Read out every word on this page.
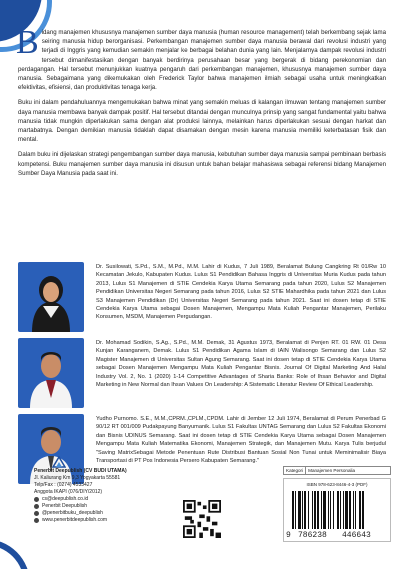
Bidang manajemen khususnya manajemen sumber daya manusia (human resource management) telah berkembang sejak lama seiring manusia hidup berorganisasi. Perkembangan manajemen sumber daya manusia berawal dari revolusi industri yang terjadi di Inggris yang kemudian semakin menjalar ke berbagai belahan dunia yang lain. Menjalarnya dampak revolusi industri tersebut dimanifestasikan dengan banyak berdirinya perusahaan besar yang bergerak di bidang perekonomian dan perdagangan. Hal tersebut menunjukkan kuatnya pengaruh dari perkembangan manajemen, khususnya manajemen sumber daya manusia. Sebagaimana yang dikemukakan oleh Frederick Taylor bahwa manajemen ilmiah sebagai usaha untuk meningkatkan efektivitas, efisiensi, dan produktivitas tenaga kerja.

Buku ini dalam pendahuluannya mengemukakan bahwa minat yang semakin meluas di kalangan ilmuwan tentang manajemen sumber daya manusia membawa banyak dampak positif. Hal tersebut ditandai dengan munculnya prinsip yang sangat fundamental yaitu bahwa manusia tidak mungkin diperlakukan sama dengan alat produksi lainnya, melainkan harus diperlakukan sesuai dengan harkat dan martabatnya. Dengan demikian manusia tidaklah dapat disamakan dengan mesin karena manusia memiliki keterbatasan fisik dan mental.

Dalam buku ini dijelaskan strategi pengembangan sumber daya manusia, kebutuhan sumber daya manusia sampai pembinaan berbasis kompetensi. Buku manajemen sumber daya manusia ini disusun untuk bahan belajar mahasiswa sebagai referensi bidang Manajemen Sumber Daya Manusia pada saat ini.

Dr. Susilowati, S.Pd., S.M., M.Pd., M.M. Lahir di Kudus, 7 Juli 1989, Beralamat Bulung Cangkring Rt 01/Rw 10 Kecamatan Jekulo, Kabupaten Kudus. Lulus S1 Pendidikan Bahasa Inggris di Universitas Muria Kudus pada tahun 2013, Lulus S1 Manajemen di STIE Cendekia Karya Utama Semarang pada tahun 2020, Lulus S2 Manajemen Pendidikan Universitas Negeri Semarang pada tahun 2016, Lulus S2 STIE Mahardhika pada tahun 2021 dan Lulus S3 Manajemen Pendidikan (Dr) Universitas Negeri Semarang pada tahun 2021. Saat ini dosen tetap di STIE Cendekia Karya Utama sebagai Dosen Manajemen, Mengampu Mata Kuliah Pengantar Manajemen, Perilaku Konsumen, MSDM, Manajemen Pergudangan.
Dr. Mohamad Sodikin, S.Ag., S.Pd., M.M. Demak, 31 Agustus 1973, Beralamat di Penjen RT. 01 RW. 01 Desa Kunjan Karanganem, Demak. Lulus S1 Pendidikan Agama Islam di IAIN Walisongo Semarang dan Lulus S2 Magister Manajemen di Universitas Sultan Agung Semarang. Saat ini dosen tetap di STIE Cendekia Karya Utama sebagai Dosen Manajemen Mengampu Mata Kuliah Pengantar Bisnis. Journal Of Digital Marketing And Halal Industry Vol. 2, No. 1 (2020) 1-14 Competitive Advantages of Sharia Banks: Role of Ihsan Behavior and Digital Marketing in New Normal dan Ihsan Values On Leadership: A Sistematic Literatur Review Of Ethical Leadership.
Yudho Purnomo. S.E., M.M.,CPRM.,CPLM.,CPDM. Lahir di Jember 12 Juli 1974, Beralamat di Perum Penerbad G 90/12 RT 001/009 Pudakpayung Banyumanik. Lulus S1 Fakultas UNTAG Semarang dan Lulus S2 Fakultas Ekonomi dan Bisnis UDINUS Semarang. Saat ini dosen tetap di STIE Cendekia Karya Utama sebagai Dosen Manajemen Mengampu Mata Kuliah Matematika Ekonomi, Manajemen Strategik, dan Manajemen Mutu. Karya Tulis berjudul "Saving MatrixSebagai Metode Penentuan Rute Distribusi Bantuan Sosial Non Tunai untuk Meminimalisir Biaya Transportasi di PT Pos Indonesia Persero Kabupaten Semarang."
Penerbit Deepublish (CV BUDI UTAMA)
Jl. Kaliurang Km 9,3 Yogyakarta 55581
Telp/Fax : (0274) 4533427
Anggota IKAPI (076/DIY/2012)
cs@deepublish.co.id
Penerbit Deepublish
@penerbitbuku_deepublish
www.penerbitdeepublish.com
Kategori	Manajemen Personalia
ISBN 978-623-8446-4-3 (PDF)
9 786238 446643
